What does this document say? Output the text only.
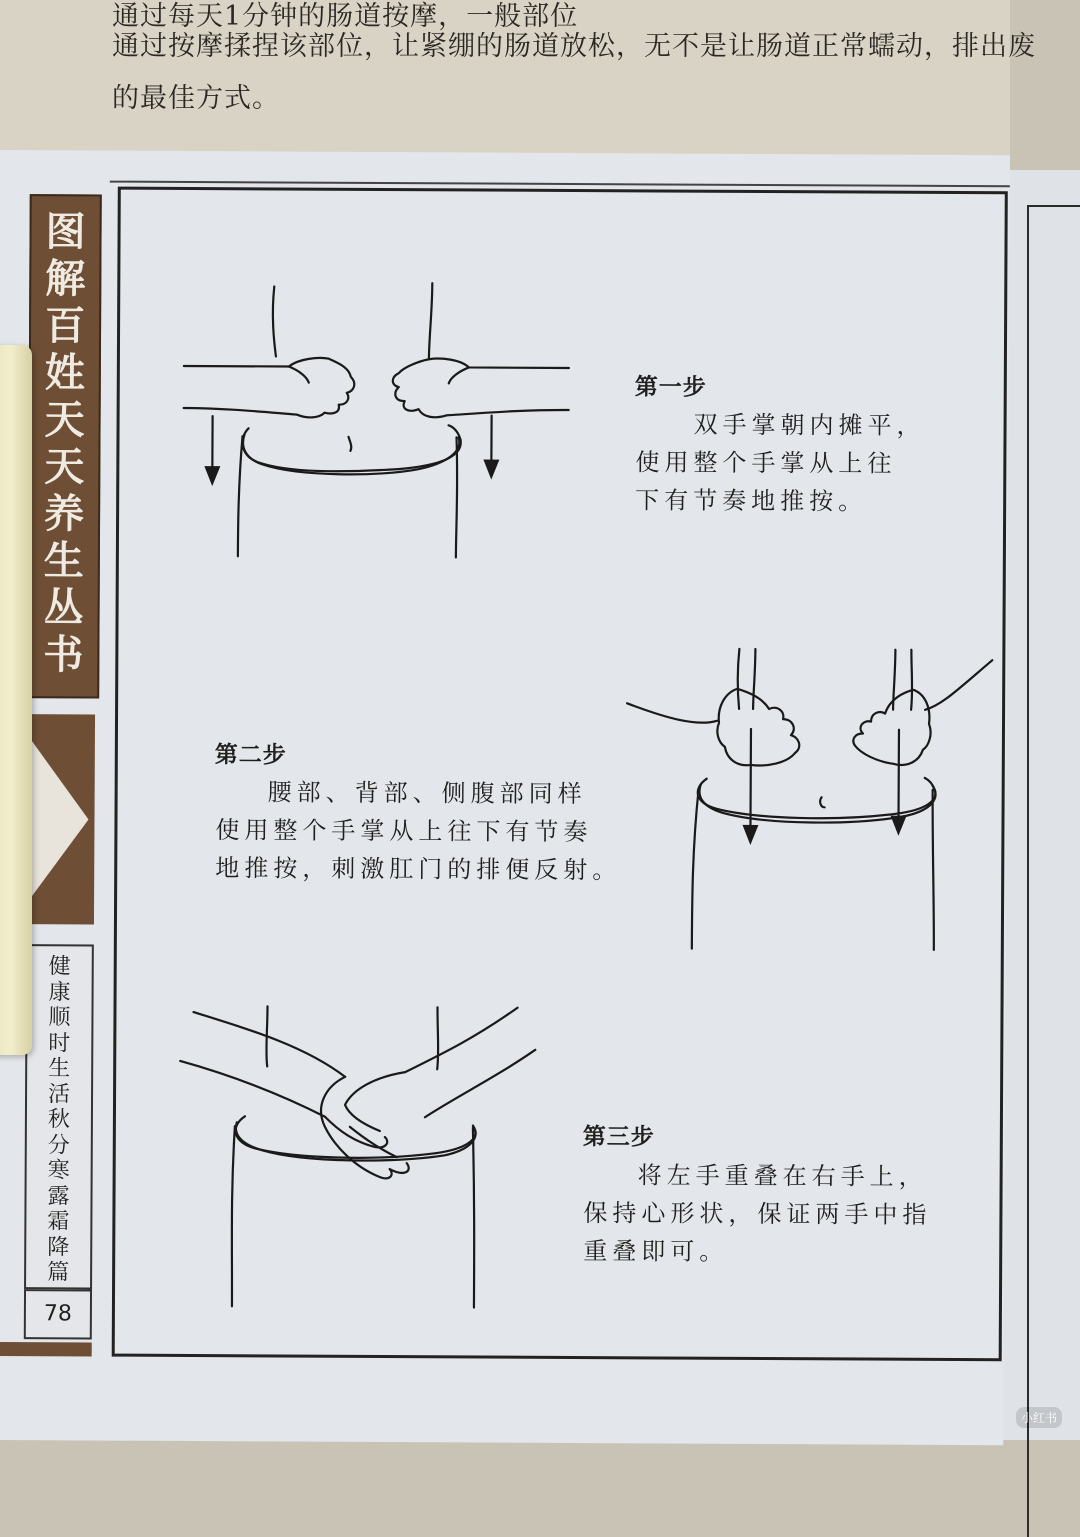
通过每天1分钟的肠道按摩，一般部位
通过按摩揉捏该部位，让紧绷的肠道放松，无不是让肠道正常蠕动，排出废
的最佳方式。
图
解
百
姓
天
天
养
生
丛
书
健
康
顺
时
生
活
秋
分
寒
露
霜
降
篇
78
第一步
双手掌朝内摊平，
使用整个手掌从上往
下有节奏地推按。
第二步
腰部、背部、侧腹部同样
使用整个手掌从上往下有节奏
地推按，刺激肛门的排便反射。
第三步
将左手重叠在右手上，
保持心形状，保证两手中指
重叠即可。
小红书
